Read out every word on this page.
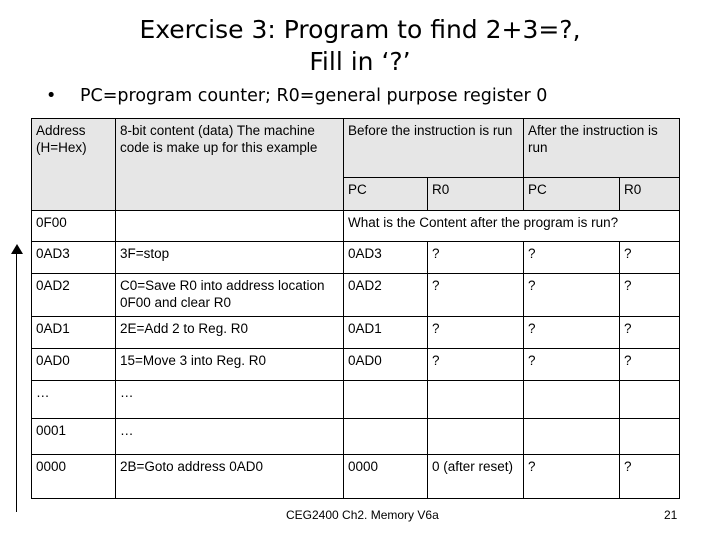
Exercise 3: Program to find 2+3=?,
Fill in ‘?’
• PC=program counter; R0=general purpose register 0
Address (H=Hex)	8-bit content (data) The machine code is make up for this example	Before the instruction is run		After the instruction is run	
		PC	R0	PC	R0
0F00		What is the Content after the program is run?			
0AD3	3F=stop	0AD3	?	?	?
0AD2	C0=Save R0 into address location 0F00 and clear R0	0AD2	?	?	?
0AD1	2E=Add 2 to Reg. R0	0AD1	?	?	?
0AD0	15=Move 3 into Reg. R0	0AD0	?	?	?
…	…				
0001	…				
0000	2B=Goto address 0AD0	0000	0 (after reset)	?	?
CEG2400 Ch2. Memory V6a	21
